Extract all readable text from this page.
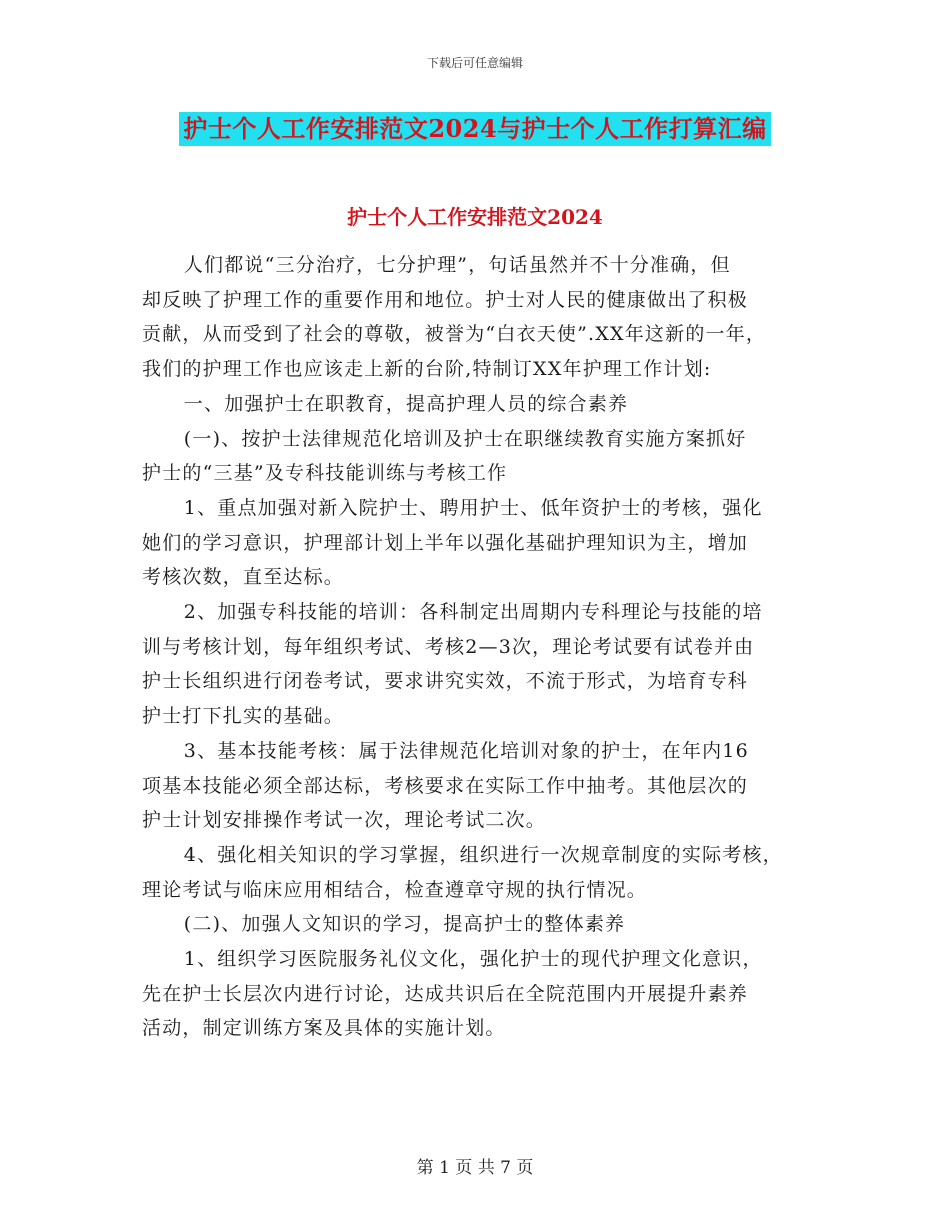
下载后可任意编辑
护士个人工作安排范文2024与护士个人工作打算汇编
护士个人工作安排范文2024

人们都说“三分治疗，七分护理”，句话虽然并不十分准确，但
却反映了护理工作的重要作用和地位。护士对人民的健康做出了积极
贡献，从而受到了社会的尊敬，被誉为“白衣天使”.XX年这新的一年，
我们的护理工作也应该走上新的台阶,特制订XX年护理工作计划:

一、加强护士在职教育，提高护理人员的综合素养

(一)、按护士法律规范化培训及护士在职继续教育实施方案抓好
护士的“三基”及专科技能训练与考核工作

1、重点加强对新入院护士、聘用护士、低年资护士的考核，强化
她们的学习意识，护理部计划上半年以强化基础护理知识为主，增加
考核次数，直至达标。

2、加强专科技能的培训：各科制定出周期内专科理论与技能的培
训与考核计划，每年组织考试、考核2—3次，理论考试要有试卷并由
护士长组织进行闭卷考试，要求讲究实效，不流于形式，为培育专科
护士打下扎实的基础。

3、基本技能考核：属于法律规范化培训对象的护士，在年内16
项基本技能必须全部达标，考核要求在实际工作中抽考。其他层次的
护士计划安排操作考试一次，理论考试二次。

4、强化相关知识的学习掌握，组织进行一次规章制度的实际考核，
理论考试与临床应用相结合，检查遵章守规的执行情况。

(二)、加强人文知识的学习，提高护士的整体素养

1、组织学习医院服务礼仪文化，强化护士的现代护理文化意识，
先在护士长层次内进行讨论，达成共识后在全院范围内开展提升素养
活动，制定训练方案及具体的实施计划。

第 1 页 共 7 页
